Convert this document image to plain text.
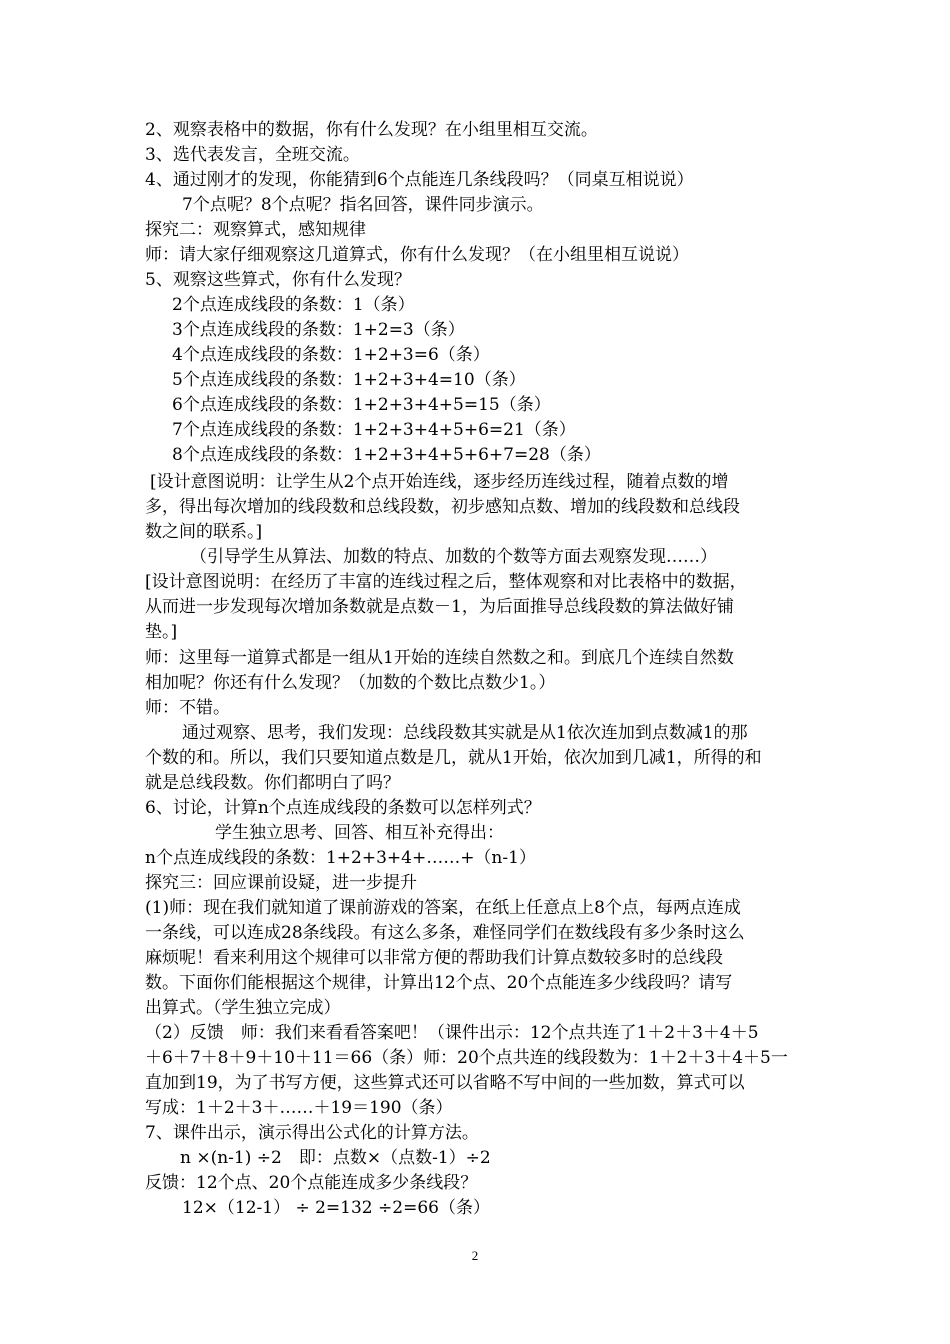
2、观察表格中的数据，你有什么发现？在小组里相互交流。
3、选代表发言，全班交流。
4、通过刚才的发现，你能猜到6个点能连几条线段吗？（同桌互相说说）
7个点呢？8个点呢？指名回答，课件同步演示。
探究二：观察算式，感知规律
师：请大家仔细观察这几道算式，你有什么发现？（在小组里相互说说）
5、观察这些算式，你有什么发现？
2个点连成线段的条数：1（条）
3个点连成线段的条数：1+2=3（条）
4个点连成线段的条数：1+2+3=6（条）
5个点连成线段的条数：1+2+3+4=10（条）
6个点连成线段的条数：1+2+3+4+5=15（条）
7个点连成线段的条数：1+2+3+4+5+6=21（条）
8个点连成线段的条数：1+2+3+4+5+6+7=28（条）
[设计意图说明：让学生从2个点开始连线，逐步经历连线过程，随着点数的增
多，得出每次增加的线段数和总线段数，初步感知点数、增加的线段数和总线段
数之间的联系。]
（引导学生从算法、加数的特点、加数的个数等方面去观察发现……）
[设计意图说明：在经历了丰富的连线过程之后，整体观察和对比表格中的数据，
从而进一步发现每次增加条数就是点数－1，为后面推导总线段数的算法做好铺
垫。]
师：这里每一道算式都是一组从1开始的连续自然数之和。到底几个连续自然数
相加呢？你还有什么发现？（加数的个数比点数少1。）
师：不错。
通过观察、思考，我们发现：总线段数其实就是从1依次连加到点数减1的那
个数的和。所以，我们只要知道点数是几，就从1开始，依次加到几减1，所得的和
就是总线段数。你们都明白了吗？
6、讨论，计算n个点连成线段的条数可以怎样列式？
学生独立思考、回答、相互补充得出：
n个点连成线段的条数：1+2+3+4+……+（n-1）
探究三：回应课前设疑，进一步提升
(1)师：现在我们就知道了课前游戏的答案，在纸上任意点上8个点，每两点连成
一条线，可以连成28条线段。有这么多条，难怪同学们在数线段有多少条时这么
麻烦呢！看来利用这个规律可以非常方便的帮助我们计算点数较多时的总线段
数。下面你们能根据这个规律，计算出12个点、20个点能连多少线段吗？请写
出算式。（学生独立完成）
（2）反馈　师：我们来看看答案吧！（课件出示：12个点共连了1＋2＋3＋4＋5
＋6＋7＋8＋9＋10＋11＝66（条）师：20个点共连的线段数为：1＋2＋3＋4＋5一
直加到19，为了书写方便，这些算式还可以省略不写中间的一些加数，算式可以
写成：1＋2＋3＋……＋19＝190（条）
7、课件出示，演示得出公式化的计算方法。
n ×(n-1) ÷2　即：点数×（点数-1）÷2
反馈：12个点、20个点能连成多少条线段？
12×（12-1） ÷ 2=132 ÷2=66（条）
2
